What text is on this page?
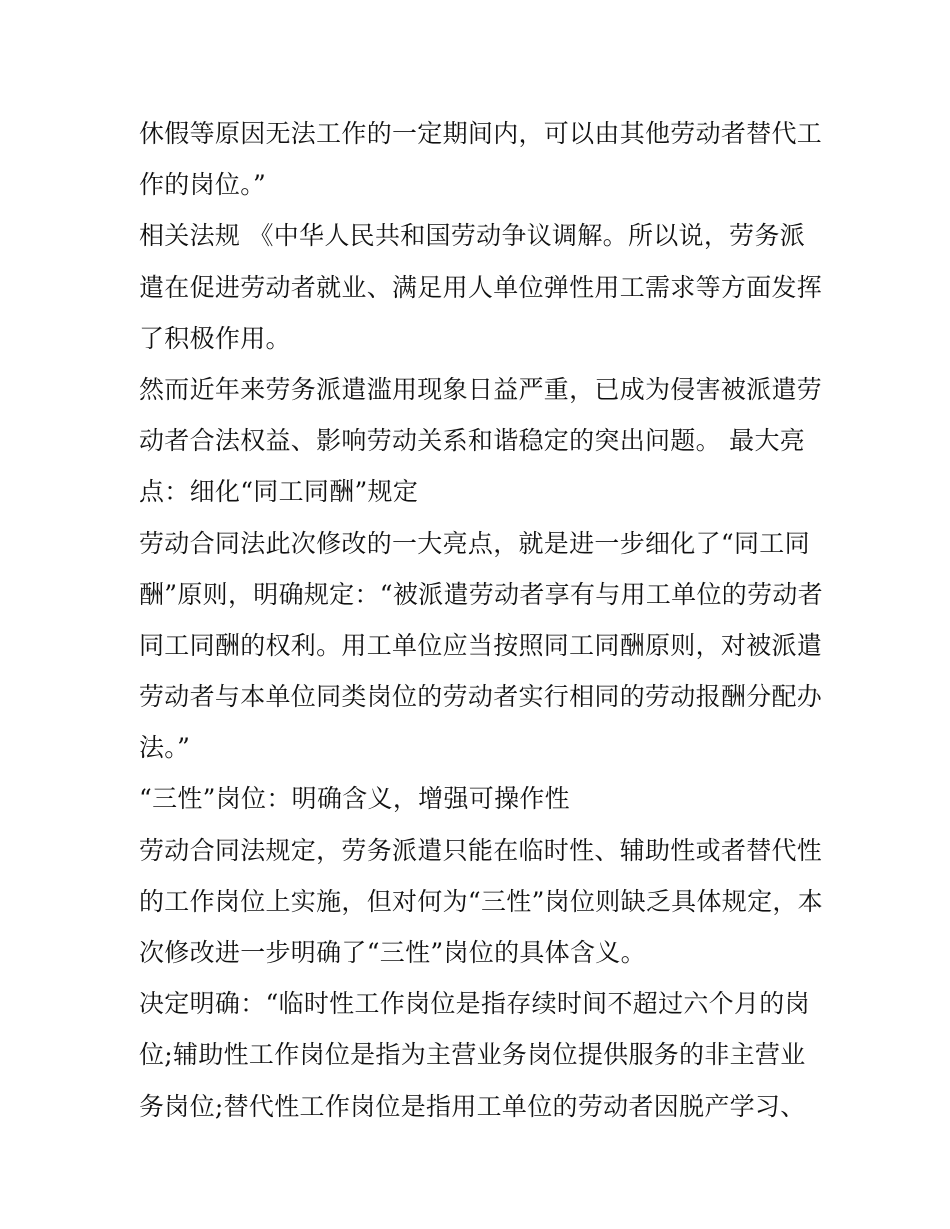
休假等原因无法工作的一定期间内，可以由其他劳动者替代工
作的岗位。”
相关法规 《中华人民共和国劳动争议调解。所以说，劳务派
遣在促进劳动者就业、满足用人单位弹性用工需求等方面发挥
了积极作用。
然而近年来劳务派遣滥用现象日益严重，已成为侵害被派遣劳
动者合法权益、影响劳动关系和谐稳定的突出问题。 最大亮
点：细化“同工同酬”规定
劳动合同法此次修改的一大亮点，就是进一步细化了“同工同
酬”原则，明确规定：“被派遣劳动者享有与用工单位的劳动者
同工同酬的权利。用工单位应当按照同工同酬原则，对被派遣
劳动者与本单位同类岗位的劳动者实行相同的劳动报酬分配办
法。”
“三性”岗位：明确含义，增强可操作性
劳动合同法规定，劳务派遣只能在临时性、辅助性或者替代性
的工作岗位上实施，但对何为“三性”岗位则缺乏具体规定，本
次修改进一步明确了“三性”岗位的具体含义。
决定明确：“临时性工作岗位是指存续时间不超过六个月的岗
位;辅助性工作岗位是指为主营业务岗位提供服务的非主营业
务岗位;替代性工作岗位是指用工单位的劳动者因脱产学习、
